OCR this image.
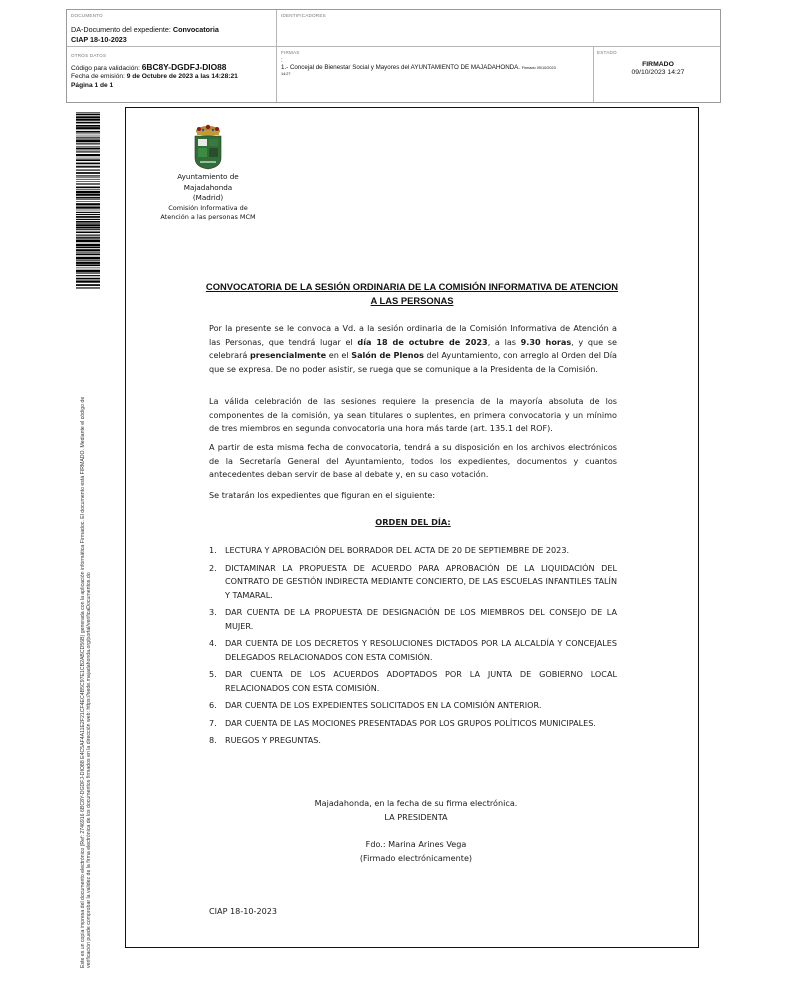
DOCUMENTO
DA-Documento del expediente: Convocatoria
CIAP 18-10-2023
IDENTIFICADORES
OTROS DATOS
Código para validación: 6BC8Y-DGDFJ-DIO88
Fecha de emisión: 9 de Octubre de 2023 a las 14:28:21
Página 1 de 1
FIRMAS
:
1.- Concejal de Bienestar Social y Mayores del AYUNTAMIENTO DE MAJADAHONDA. Firmado 09/10/2023
14:27
ESTADO
FIRMADO
09/10/2023 14:27
Este es un copia impresa del documento electrónico (Ref: 2746916 6BC8Y-DGDFJ-DIO88 E4C5AF4A11E2F21CF4EC4B5C97E1CB2ABCD56B) generada con la aplicación informática Firmadoc. El documento está FIRMADO. Mediante el código de verificación puede comprobar la validez de la firma electrónica de los documentos firmados en la dirección web: https://sede.majadahonda.org/portal/verificaDocumentos.do
Ayuntamiento de
Majadahonda
(Madrid)
Comisión Informativa de
Atención a las personas MCM
CONVOCATORIA DE LA SESIÓN ORDINARIA DE LA COMISIÓN INFORMATIVA DE ATENCION A LAS PERSONAS
Por la presente se le convoca a Vd. a la sesión ordinaria de la Comisión Informativa de Atención a las Personas, que tendrá lugar el día 18 de octubre de 2023, a las 9.30 horas, y que se celebrará presencialmente en el Salón de Plenos del Ayuntamiento, con arreglo al Orden del Día que se expresa. De no poder asistir, se ruega que se comunique a la Presidenta de la Comisión.
La válida celebración de las sesiones requiere la presencia de la mayoría absoluta de los componentes de la comisión, ya sean titulares o suplentes, en primera convocatoria y un mínimo de tres miembros en segunda convocatoria una hora más tarde (art. 135.1 del ROF).
A partir de esta misma fecha de convocatoria, tendrá a su disposición en los archivos electrónicos de la Secretaría General del Ayuntamiento, todos los expedientes, documentos y cuantos antecedentes deban servir de base al debate y, en su caso votación.
Se tratarán los expedientes que figuran en el siguiente:
ORDEN DEL DÍA:
1. LECTURA Y APROBACIÓN DEL BORRADOR DEL ACTA DE 20 DE SEPTIEMBRE DE 2023.
2. DICTAMINAR LA PROPUESTA DE ACUERDO PARA APROBACIÓN DE LA LIQUIDACIÓN DEL CONTRATO DE GESTIÓN INDIRECTA MEDIANTE CONCIERTO, DE LAS ESCUELAS INFANTILES TALÍN Y TAMARAL.
3. DAR CUENTA DE LA PROPUESTA DE DESIGNACIÓN DE LOS MIEMBROS DEL CONSEJO DE LA MUJER.
4. DAR CUENTA DE LOS DECRETOS Y RESOLUCIONES DICTADOS POR LA ALCALDÍA Y CONCEJALES DELEGADOS RELACIONADOS CON ESTA COMISIÓN.
5. DAR CUENTA DE LOS ACUERDOS ADOPTADOS POR LA JUNTA DE GOBIERNO LOCAL RELACIONADOS CON ESTA COMISIÓN.
6. DAR CUENTA DE LOS EXPEDIENTES SOLICITADOS EN LA COMISIÓN ANTERIOR.
7. DAR CUENTA DE LAS MOCIONES PRESENTADAS POR LOS GRUPOS POLÍTICOS MUNICIPALES.
8. RUEGOS Y PREGUNTAS.
Majadahonda, en la fecha de su firma electrónica.
LA PRESIDENTA
Fdo.: Marina Arines Vega
(Firmado electrónicamente)
CIAP 18-10-2023
